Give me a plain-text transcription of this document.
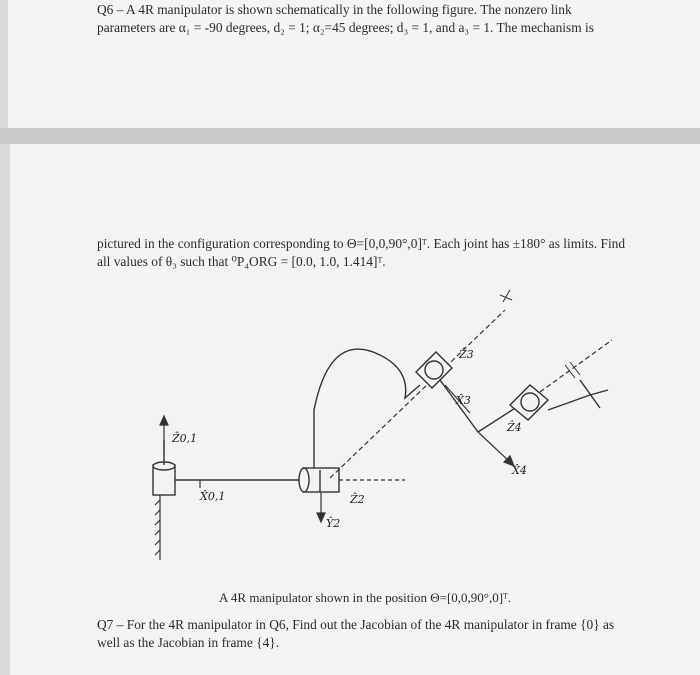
Q6 – A 4R manipulator is shown schematically in the following figure. The nonzero link
parameters are α₁ = -90 degrees, d₂ = 1; α₂=45 degrees; d₃ = 1, and a₃ = 1. The mechanism is
pictured in the configuration corresponding to Θ=[0,0,90°,0]ᵀ. Each joint has ±180° as limits. Find
all values of θ₃ such that ⁰P₄ORG = [0.0, 1.0, 1.414]ᵀ.
Ẑ0,1
X̂0,1	Ẑ2
Ŷ2
Ẑ3
X̂3
Ẑ4
X̂4
A 4R manipulator shown in the position Θ=[0,0,90°,0]ᵀ.
Q7 – For the 4R manipulator in Q6, Find out the Jacobian of the 4R manipulator in frame {0} as
well as the Jacobian in frame {4}.
